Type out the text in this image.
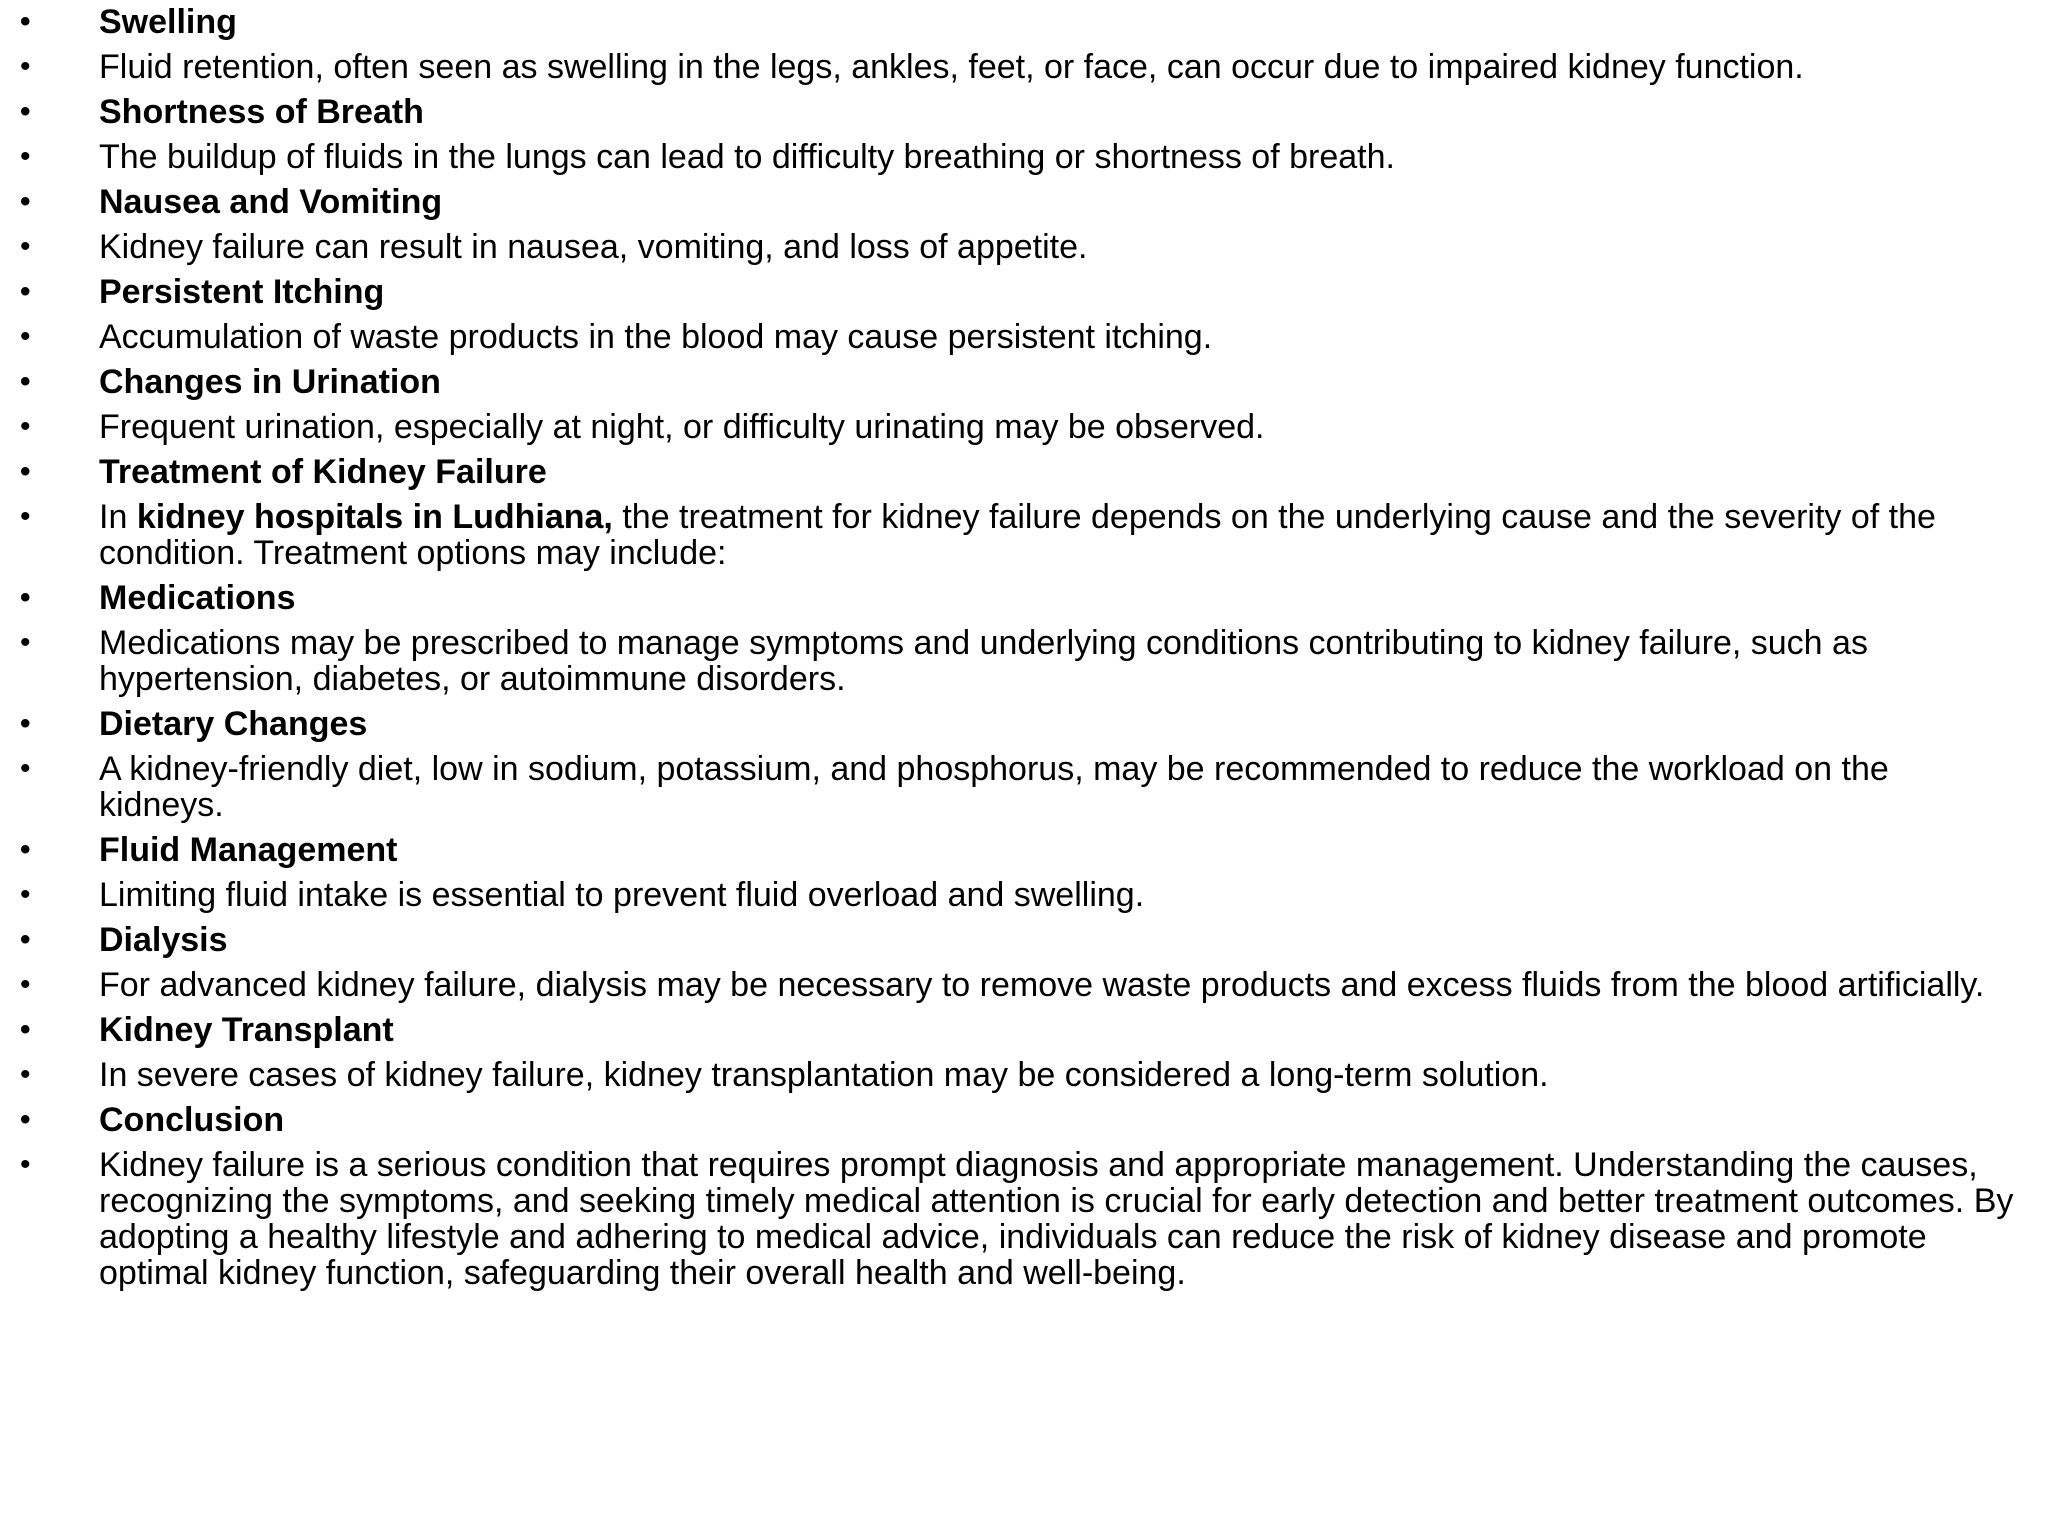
• Swelling
• Fluid retention, often seen as swelling in the legs, ankles, feet, or face, can occur due to impaired kidney function.
• Shortness of Breath
• The buildup of fluids in the lungs can lead to difficulty breathing or shortness of breath.
• Nausea and Vomiting
• Kidney failure can result in nausea, vomiting, and loss of appetite.
• Persistent Itching
• Accumulation of waste products in the blood may cause persistent itching.
• Changes in Urination
• Frequent urination, especially at night, or difficulty urinating may be observed.
• Treatment of Kidney Failure
• In kidney hospitals in Ludhiana, the treatment for kidney failure depends on the underlying cause and the severity of the condition. Treatment options may include:
• Medications
• Medications may be prescribed to manage symptoms and underlying conditions contributing to kidney failure, such as hypertension, diabetes, or autoimmune disorders.
• Dietary Changes
• A kidney-friendly diet, low in sodium, potassium, and phosphorus, may be recommended to reduce the workload on the kidneys.
• Fluid Management
• Limiting fluid intake is essential to prevent fluid overload and swelling.
• Dialysis
• For advanced kidney failure, dialysis may be necessary to remove waste products and excess fluids from the blood artificially.
• Kidney Transplant
• In severe cases of kidney failure, kidney transplantation may be considered a long-term solution.
• Conclusion
• Kidney failure is a serious condition that requires prompt diagnosis and appropriate management. Understanding the causes, recognizing the symptoms, and seeking timely medical attention is crucial for early detection and better treatment outcomes. By adopting a healthy lifestyle and adhering to medical advice, individuals can reduce the risk of kidney disease and promote optimal kidney function, safeguarding their overall health and well-being.
